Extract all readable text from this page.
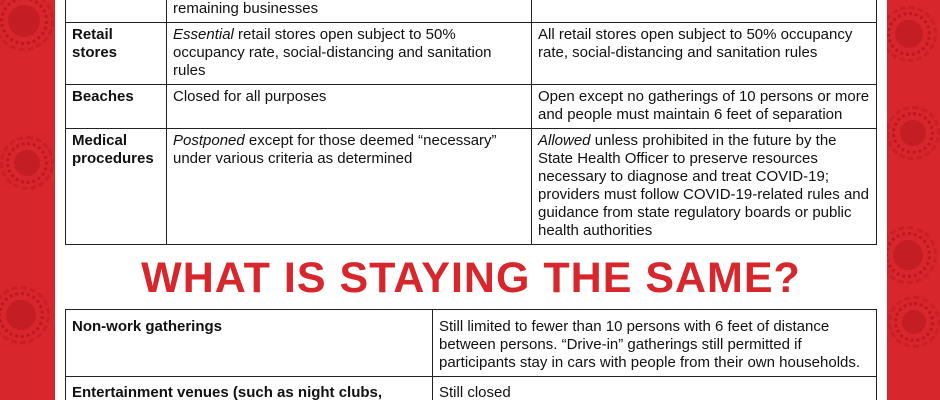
remaining businesses	

Retail stores	Essential retail stores open subject to 50% occupancy rate, social-distancing and sanitation rules	All retail stores open subject to 50% occupancy rate, social-distancing and sanitation rules
Beaches	Closed for all purposes	Open except no gatherings of 10 persons or more and people must maintain 6 feet of separation
Medical procedures	Postponed except for those deemed “necessary” under various criteria as determined	Allowed unless prohibited in the future by the State Health Officer to preserve resources necessary to diagnose and treat COVID-19; providers must follow COVID-19-related rules and guidance from state regulatory boards or public health authorities
WHAT IS STAYING THE SAME?
Non-work gatherings	Still limited to fewer than 10 persons with 6 feet of distance between persons. “Drive-in” gatherings still permitted if participants stay in cars with people from their own households.
Entertainment venues (such as night clubs,	Still closed
